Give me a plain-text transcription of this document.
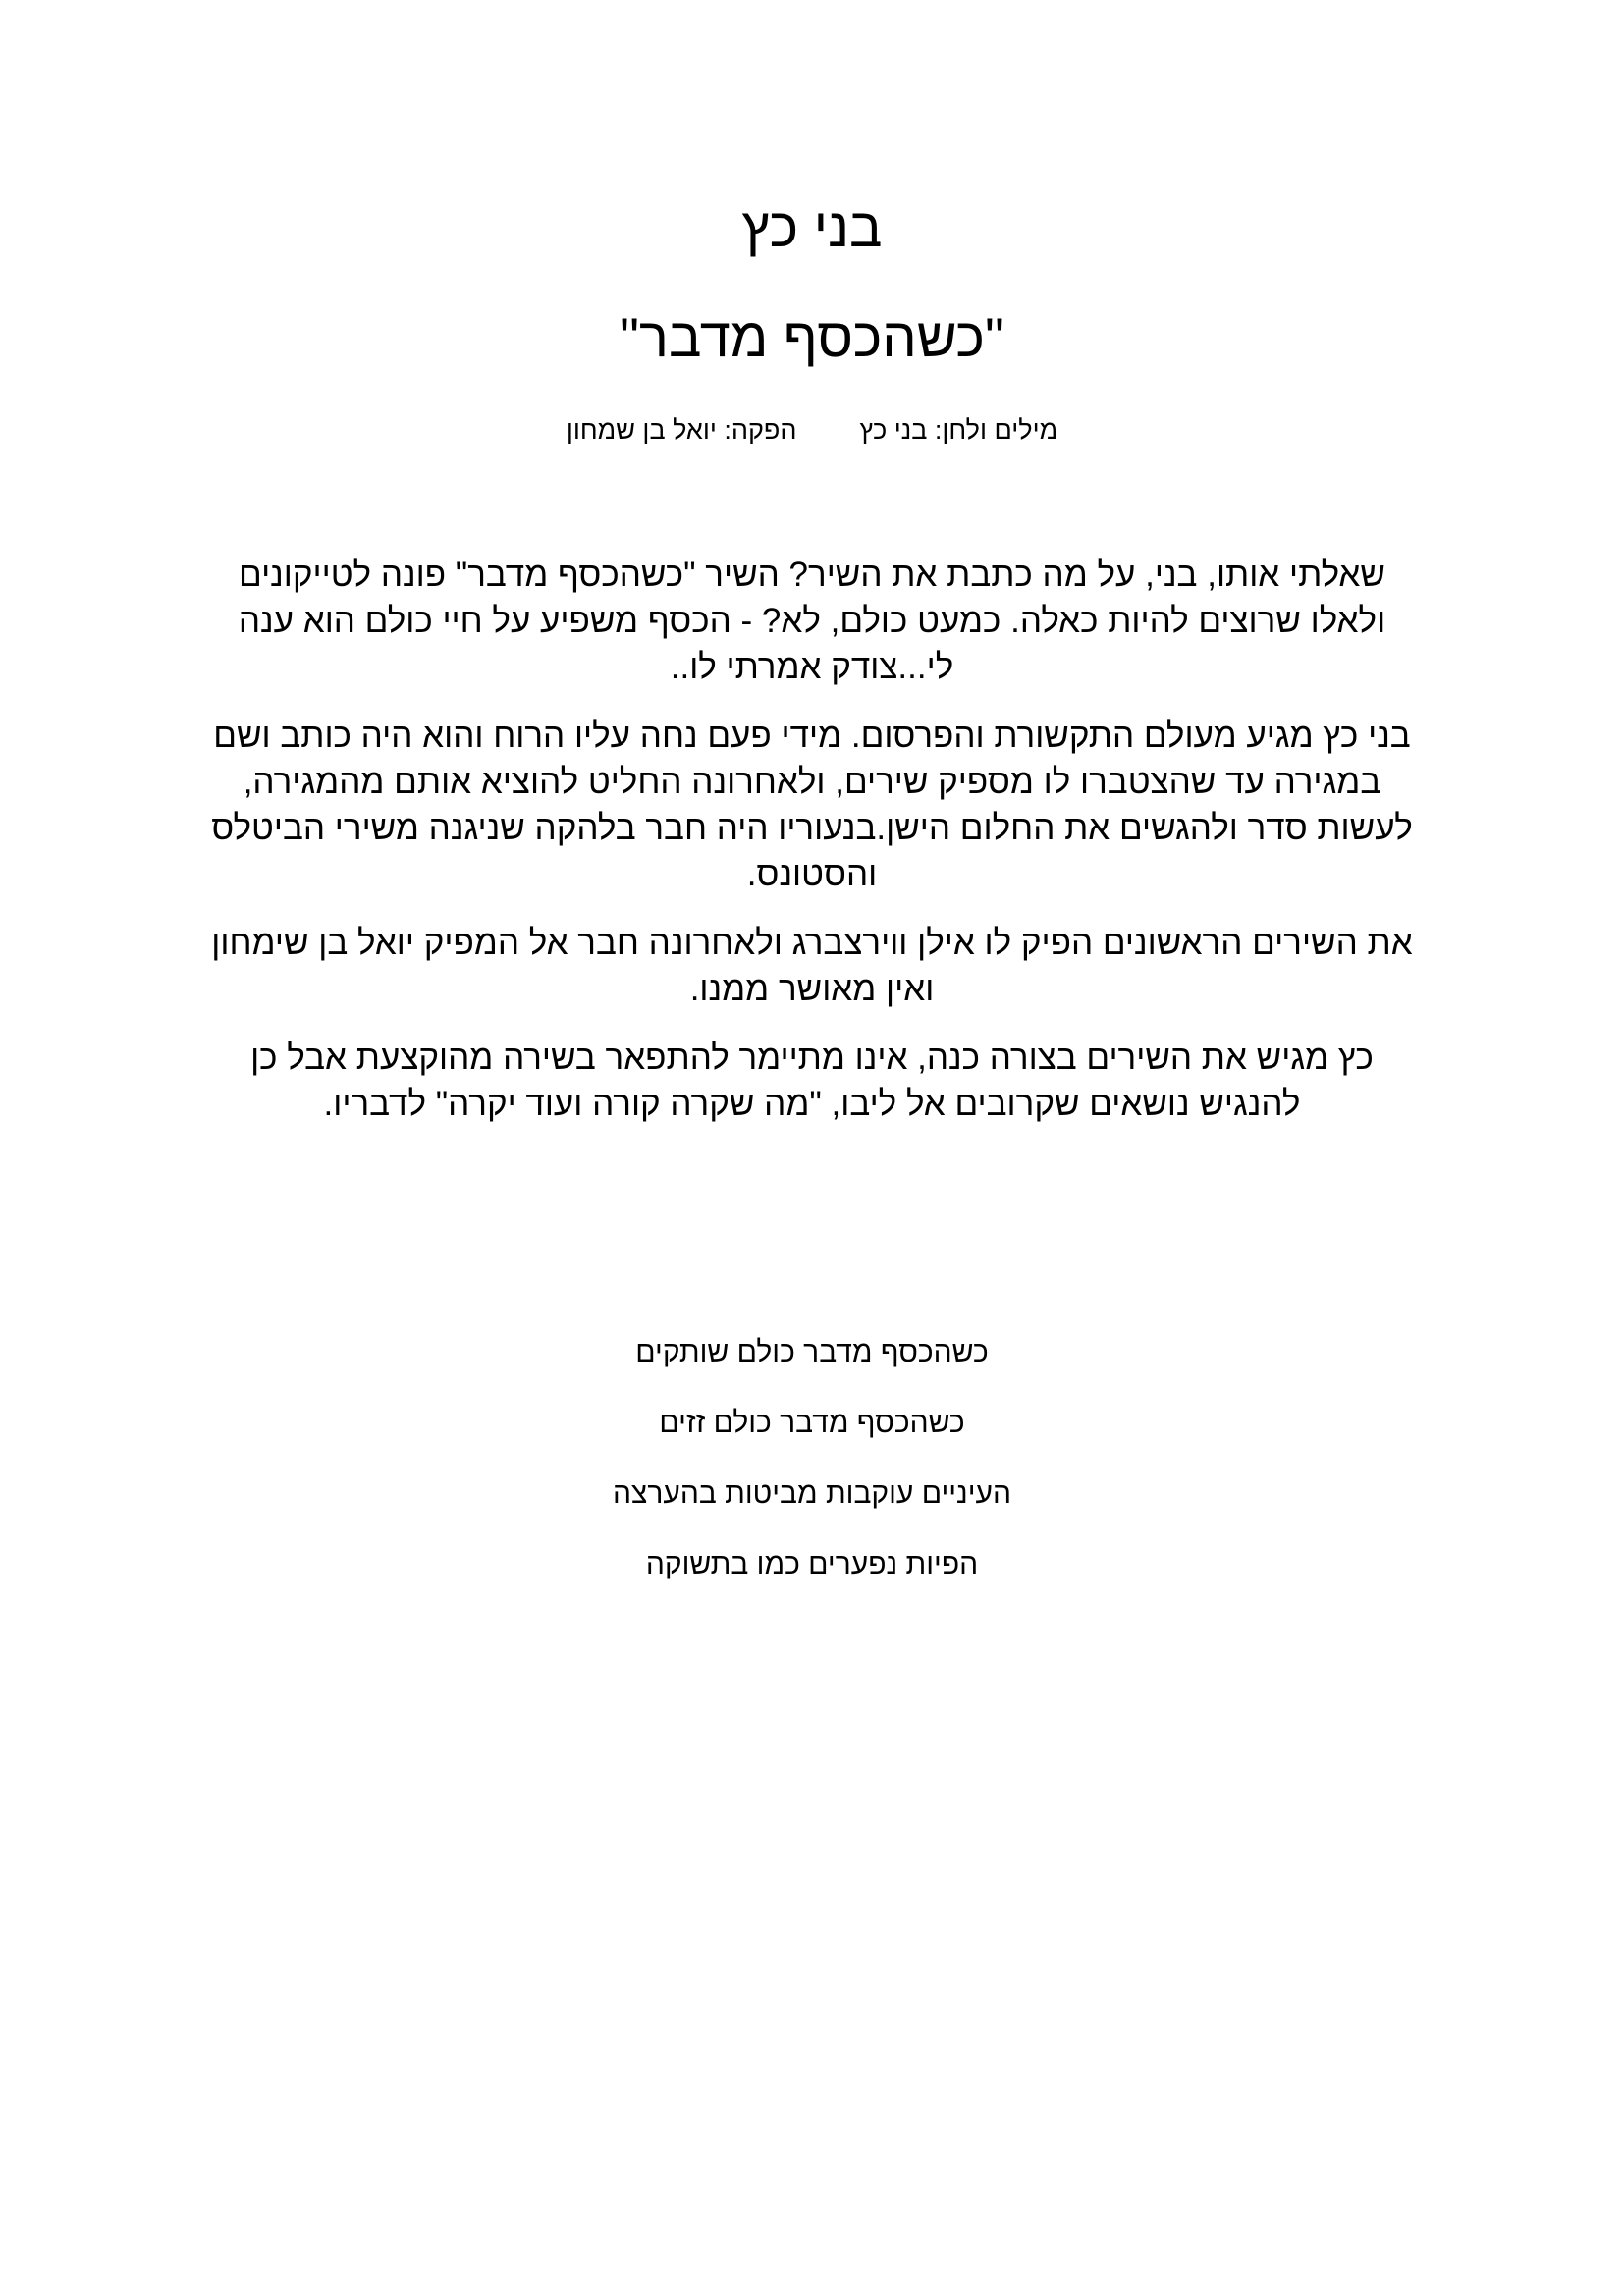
בני כץ
"כשהכסף מדבר"
מילים ולחן: בני כץ
הפקה: יואל בן שמחון

שאלתי אותו, בני, על מה כתבת את השיר? השיר "כשהכסף מדבר" פונה לטייקונים ולאלו שרוצים להיות כאלה. כמעט כולם, לא? - הכסף משפיע על חיי כולם הוא ענה לי...צודק אמרתי לו..

בני כץ מגיע מעולם התקשורת והפרסום. מידי פעם נחה עליו הרוח והוא היה כותב ושם במגירה עד שהצטברו לו מספיק שירים, ולאחרונה החליט להוציא אותם מהמגירה, לעשות סדר ולהגשים את החלום הישן.בנעוריו היה חבר בלהקה שניגנה משירי הביטלס והסטונס.

את השירים הראשונים הפיק לו אילן ווירצברג ולאחרונה חבר אל המפיק יואל בן שימחון ואין מאושר ממנו.

כץ מגיש את השירים בצורה כנה, אינו מתיימר להתפאר בשירה מהוקצעת אבל כן להנגיש נושאים שקרובים אל ליבו, "מה שקרה קורה ועוד יקרה" לדבריו.

כשהכסף מדבר כולם שותקים

כשהכסף מדבר כולם זזים

העיניים עוקבות מביטות בהערצה

הפיות נפערים כמו בתשוקה
